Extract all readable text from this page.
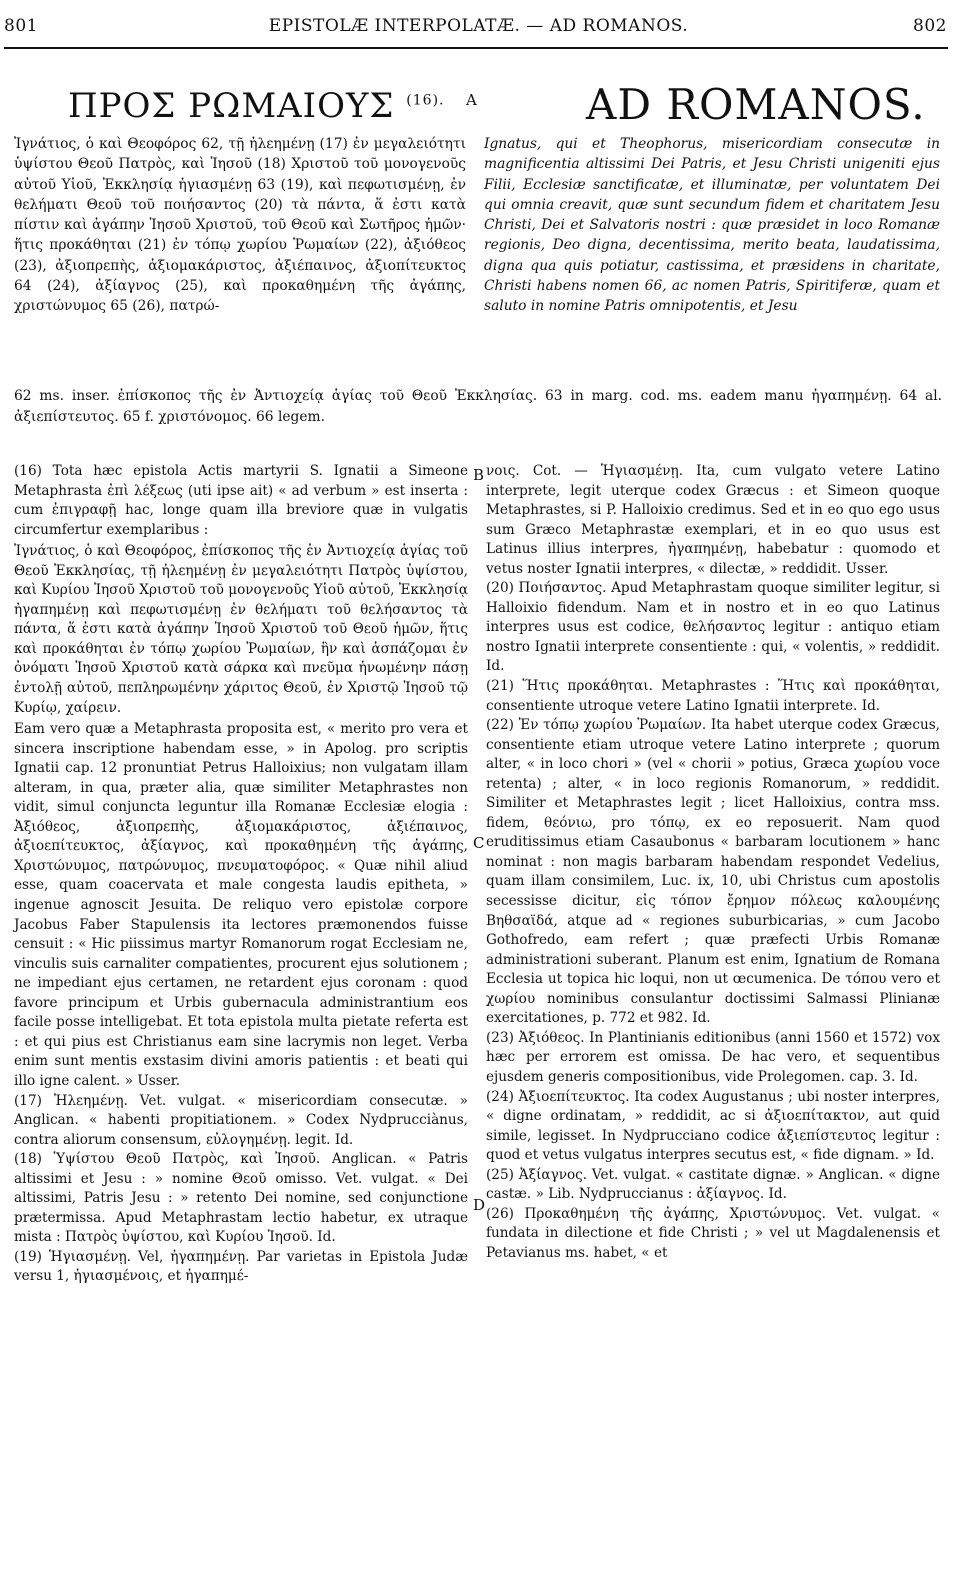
801	EPISTOLÆ INTERPOLATÆ. — AD ROMANOS.	802
ΠΡΟΣ ΡΩΜΑΙΟΥΣ $^{(16).}$ A	AD ROMANOS.

Ἰγνάτιος, ὁ καὶ Θεοφόρος 62, τῇ ἠλεημένῃ (17) ἐν μεγαλειότητι ὑψίστου Θεοῦ Πατρὸς, καὶ Ἰησοῦ (18) Χριστοῦ τοῦ μονογενοῦς αὐτοῦ Υἱοῦ, Ἐκκλησίᾳ ἡγιασμένῃ 63 (19), καὶ πεφωτισμένῃ, ἐν θελήματι Θεοῦ τοῦ ποιήσαντος (20) τὰ πάντα, ἅ ἐστι κατὰ πίστιν καὶ ἀγάπην Ἰησοῦ Χριστοῦ, τοῦ Θεοῦ καὶ Σωτῆρος ἡμῶν· ἥτις προκάθηται (21) ἐν τόπῳ χωρίου Ῥωμαίων (22), ἀξιόθεος (23), ἀξιοπρεπὴς, ἀξιομακάριστος, ἀξιέπαινος, ἀξιοπίτευκτος 64 (24), ἀξίαγνος (25), καὶ προκαθημένη τῆς ἀγάπης, χριστώνυμος 65 (26), πατρώ-

Ignatus, qui et Theophorus, misericordiam consecutæ in magnificentia altissimi Dei Patris, et Jesu Christi unigeniti ejus Filii, Ecclesiæ sanctificatæ, et illuminatæ, per voluntatem Dei qui omnia creavit, quæ sunt secundum fidem et charitatem Jesu Christi, Dei et Salvatoris nostri : quæ præsidet in loco Romanæ regionis, Deo digna, decentissima, merito beata, laudatissima, digna qua quis potiatur, castissima, et præsidens in charitate, Christi habens nomen 66, ac nomen Patris, Spiritiferæ, quam et saluto in nomine Patris omnipotentis, et Jesu

62 ms. inser. ἐπίσκοπος τῆς ἐν Ἀντιοχείᾳ ἁγίας τοῦ Θεοῦ Ἐκκλησίας. 63 in marg. cod. ms. eadem manu ἠγαπημένῃ. 64 al. ἀξιεπίστευτος. 65 f. χριστόνομος. 66 legem.

B
C
D

(16) Tota hæc epistola Actis martyrii S. Ignatii a Simeone Metaphrasta ἐπὶ λέξεως (uti ipse ait) « ad verbum » est inserta : cum ἐπιγραφῇ hac, longe quam illa breviore quæ in vulgatis circumfertur exemplaribus :

Ἰγνάτιος, ὁ καὶ Θεοφόρος, ἐπίσκοπος τῆς ἐν Ἀντιοχείᾳ ἁγίας τοῦ Θεοῦ Ἐκκλησίας, τῇ ἠλεημένῃ ἐν μεγαλειότητι Πατρὸς ὑψίστου, καὶ Κυρίου Ἰησοῦ Χριστοῦ τοῦ μονογενοῦς Υἱοῦ αὐτοῦ, Ἐκκλησίᾳ ἠγαπημένῃ καὶ πεφωτισμένῃ ἐν θελήματι τοῦ θελήσαντος τὰ πάντα, ἅ ἐστι κατὰ ἀγάπην Ἰησοῦ Χριστοῦ τοῦ Θεοῦ ἡμῶν, ἥτις καὶ προκάθηται ἐν τόπῳ χωρίου Ῥωμαίων, ἣν καὶ ἀσπάζομαι ἐν ὀνόματι Ἰησοῦ Χριστοῦ κατὰ σάρκα καὶ πνεῦμα ἡνωμένην πάσῃ ἐντολῇ αὐτοῦ, πεπληρωμένην χάριτος Θεοῦ, ἐν Χριστῷ Ἰησοῦ τῷ Κυρίῳ, χαίρειν.

Eam vero quæ a Metaphrasta proposita est, « merito pro vera et sincera inscriptione habendam esse, » in Apolog. pro scriptis Ignatii cap. 12 pronuntiat Petrus Halloixius; non vulgatam illam alteram, in qua, præter alia, quæ similiter Metaphrastes non vidit, simul conjuncta leguntur illa Romanæ Ecclesiæ elogia : Ἀξιόθεος, ἀξιοπρεπὴς, ἀξιομακάριστος, ἀξιέπαινος, ἀξιοεπίτευκτος, ἀξίαγνος, καὶ προκαθημένη τῆς ἀγάπης, Χριστώνυμος, πατρώνυμος, πνευματοφόρος. « Quæ nihil aliud esse, quam coacervata et male congesta laudis epitheta, » ingenue agnoscit Jesuita. De reliquo vero epistolæ corpore Jacobus Faber Stapulensis ita lectores præmonendos fuisse censuit : « Hic piissimus martyr Romanorum rogat Ecclesiam ne, vinculis suis carnaliter compatientes, procurent ejus solutionem ; ne impediant ejus certamen, ne retardent ejus coronam : quod favore principum et Urbis gubernacula administrantium eos facile posse intelligebat. Et tota epistola multa pietate referta est : et qui pius est Christianus eam sine lacrymis non leget. Verba enim sunt mentis exstasim divini amoris patientis : et beati qui illo igne calent. » Usser.

(17) Ἠλεημένῃ. Vet. vulgat. « misericordiam consecutæ. » Anglican. « habenti propitiationem. » Codex Nydprucciànus, contra aliorum consensum, εὐλογημένῃ. legit. Id.

(18) Ὑψίστου Θεοῦ Πατρὸς, καὶ Ἰησοῦ. Anglican. « Patris altissimi et Jesu : » nomine Θεοῦ omisso. Vet. vulgat. « Dei altissimi, Patris Jesu : » retento Dei nomine, sed conjunctione prætermissa. Apud Metaphrastam lectio habetur, ex utraque mista : Πατρὸς ὑψίστου, καὶ Κυρίου Ἰησοῦ. Id.

(19) Ἡγιασμένῃ. Vel, ἠγαπημένῃ. Par varietas in Epistola Judæ versu 1, ἡγιασμένοις, et ἠγαπημέ-

νοις. Cot. — Ἡγιασμένῃ. Ita, cum vulgato vetere Latino interprete, legit uterque codex Græcus : et Simeon quoque Metaphrastes, si P. Halloixio credimus. Sed et in eo quo ego usus sum Græco Metaphrastæ exemplari, et in eo quo usus est Latinus illius interpres, ἠγαπημένῃ, habebatur : quomodo et vetus noster Ignatii interpres, « dilectæ, » reddidit. Usser.

(20) Ποιήσαντος. Apud Metaphrastam quoque similiter legitur, si Halloixio fidendum. Nam et in nostro et in eo quo Latinus interpres usus est codice, θελήσαντος legitur : antiquo etiam nostro Ignatii interprete consentiente : qui, « volentis, » reddidit. Id.

(21) Ἥτις προκάθηται. Metaphrastes : Ἥτις καὶ προκάθηται, consentiente utroque vetere Latino Ignatii interprete. Id.

(22) Ἐν τόπῳ χωρίου Ῥωμαίων. Ita habet uterque codex Græcus, consentiente etiam utroque vetere Latino interprete ; quorum alter, « in loco chori » (vel « chorii » potius, Græca χωρίου voce retenta) ; alter, « in loco regionis Romanorum, » reddidit. Similiter et Metaphrastes legit ; licet Halloixius, contra mss. fidem, θεόνιω, pro τόπῳ, ex eo reposuerit. Nam quod eruditissimus etiam Casaubonus « barbaram locutionem » hanc nominat : non magis barbaram habendam respondet Vedelius, quam illam consimilem, Luc. ix, 10, ubi Christus cum apostolis secessisse dicitur, εἰς τόπον ἔρημον πόλεως καλουμένης Βηθσαϊδά, atque ad « regiones suburbicarias, » cum Jacobo Gothofredo, eam refert ; quæ præfecti Urbis Romanæ administrationi suberant. Planum est enim, Ignatium de Romana Ecclesia ut topica hic loqui, non ut œcumenica. De τόπου vero et χωρίου nominibus consulantur doctissimi Salmassi Plinianæ exercitationes, p. 772 et 982. Id.

(23) Ἀξιόθεος. In Plantinianis editionibus (anni 1560 et 1572) vox hæc per errorem est omissa. De hac vero, et sequentibus ejusdem generis compositionibus, vide Prolegomen. cap. 3. Id.

(24) Ἀξιοεπίτευκτος. Ita codex Augustanus ; ubi noster interpres, « digne ordinatam, » reddidit, ac si ἀξιοεπίτακτον, aut quid simile, legisset. In Nydprucciano codice ἀξιεπίστευτος legitur : quod et vetus vulgatus interpres secutus est, « fide dignam. » Id.

(25) Ἀξίαγνος. Vet. vulgat. « castitate dignæ. » Anglican. « digne castæ. » Lib. Nydpruccianus : ἀξίαγνος. Id.

(26) Προκαθημένη τῆς ἀγάπης, Χριστώνυμος. Vet. vulgat. « fundata in dilectione et fide Christi ; » vel ut Magdalenensis et Petavianus ms. habet, « et
